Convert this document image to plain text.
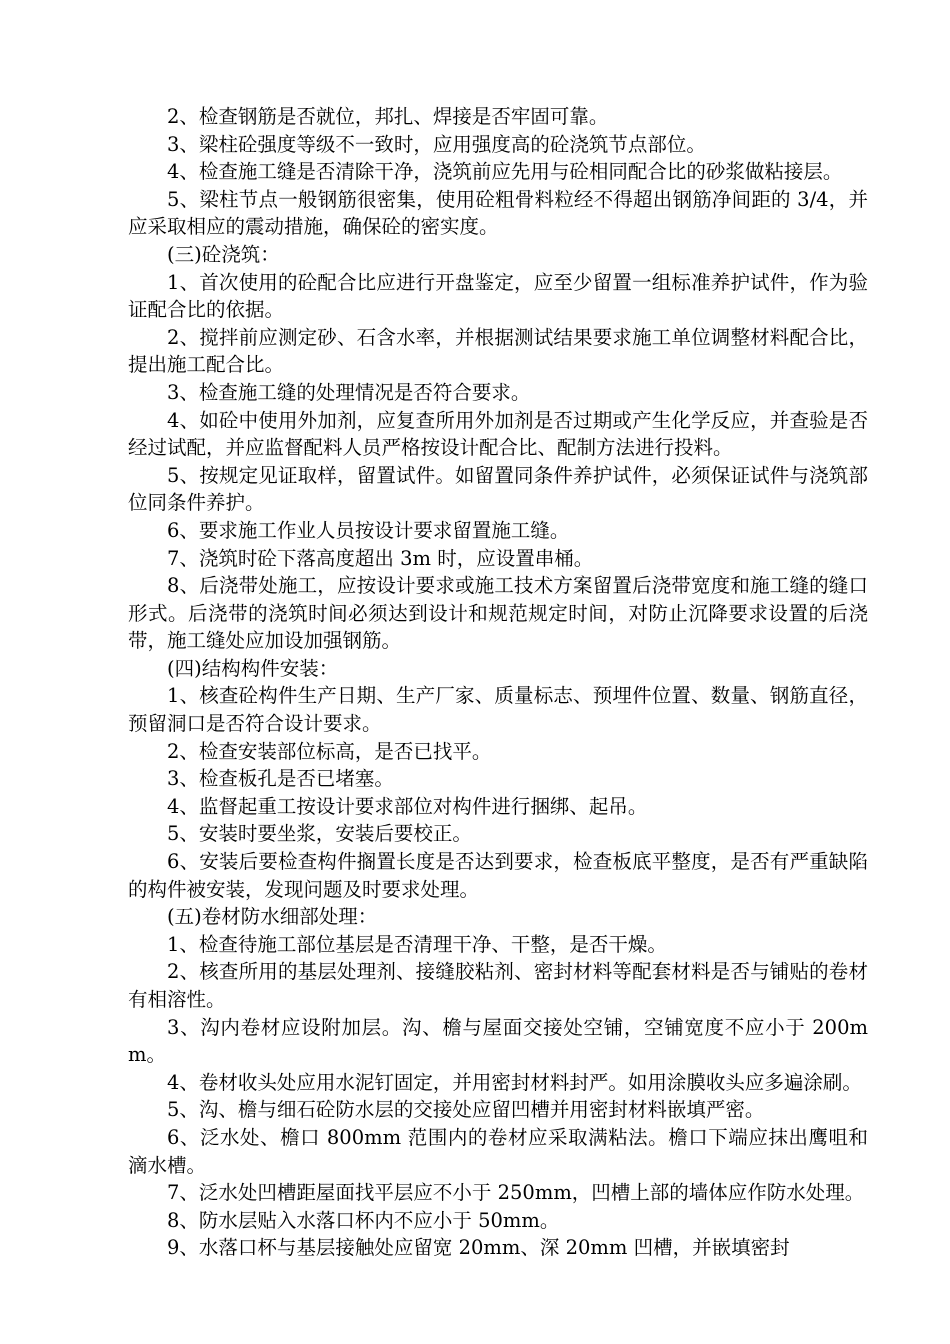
2、检查钢筋是否就位，邦扎、焊接是否牢固可靠。

3、梁柱砼强度等级不一致时，应用强度高的砼浇筑节点部位。

4、检查施工缝是否清除干净，浇筑前应先用与砼相同配合比的砂浆做粘接层。

5、梁柱节点一般钢筋很密集，使用砼粗骨料粒经不得超出钢筋净间距的 3/4，并应采取相应的震动措施，确保砼的密实度。

(三)砼浇筑：

1、首次使用的砼配合比应进行开盘鉴定，应至少留置一组标准养护试件，作为验证配合比的依据。

2、搅拌前应测定砂、石含水率，并根据测试结果要求施工单位调整材料配合比，提出施工配合比。

3、检查施工缝的处理情况是否符合要求。

4、如砼中使用外加剂，应复查所用外加剂是否过期或产生化学反应，并查验是否经过试配，并应监督配料人员严格按设计配合比、配制方法进行投料。

5、按规定见证取样，留置试件。如留置同条件养护试件，必须保证试件与浇筑部位同条件养护。

6、要求施工作业人员按设计要求留置施工缝。

7、浇筑时砼下落高度超出 3m 时，应设置串桶。

8、后浇带处施工，应按设计要求或施工技术方案留置后浇带宽度和施工缝的缝口形式。后浇带的浇筑时间必须达到设计和规范规定时间，对防止沉降要求设置的后浇带，施工缝处应加设加强钢筋。

(四)结构构件安装：

1、核查砼构件生产日期、生产厂家、质量标志、预埋件位置、数量、钢筋直径，预留洞口是否符合设计要求。

2、检查安装部位标高，是否已找平。

3、检查板孔是否已堵塞。

4、监督起重工按设计要求部位对构件进行捆绑、起吊。

5、安装时要坐浆，安装后要校正。

6、安装后要检查构件搁置长度是否达到要求，检查板底平整度，是否有严重缺陷的构件被安装，发现问题及时要求处理。

(五)卷材防水细部处理：

1、检查待施工部位基层是否清理干净、干整，是否干燥。

2、核查所用的基层处理剂、接缝胶粘剂、密封材料等配套材料是否与铺贴的卷材有相溶性。

3、沟内卷材应设附加层。沟、檐与屋面交接处空铺，空铺宽度不应小于 200mm。

4、卷材收头处应用水泥钉固定，并用密封材料封严。如用涂膜收头应多遍涂刷。

5、沟、檐与细石砼防水层的交接处应留凹槽并用密封材料嵌填严密。

6、泛水处、檐口 800mm 范围内的卷材应采取满粘法。檐口下端应抹出鹰咀和滴水槽。

7、泛水处凹槽距屋面找平层应不小于 250mm，凹槽上部的墙体应作防水处理。

8、防水层贴入水落口杯内不应小于 50mm。

9、水落口杯与基层接触处应留宽 20mm、深 20mm 凹槽，并嵌填密封
